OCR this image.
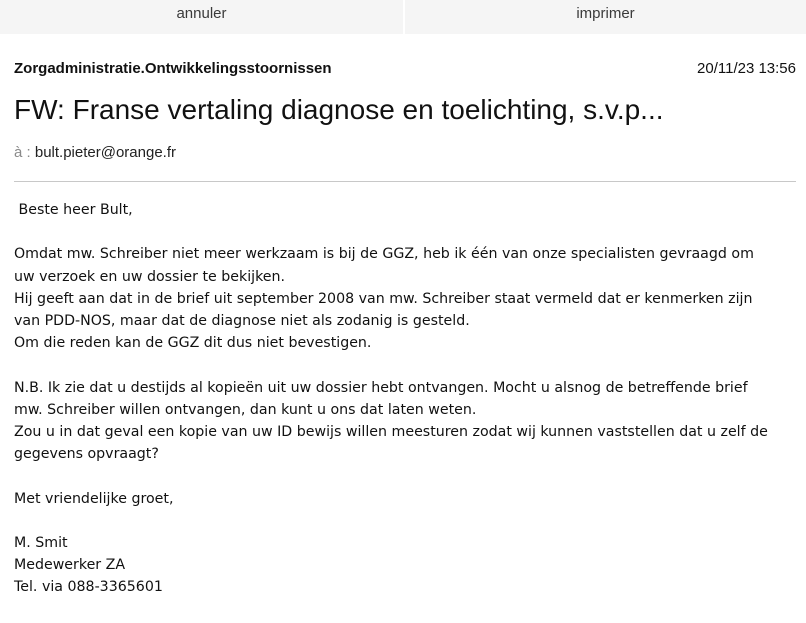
annuler	imprimer
Zorgadministratie.Ontwikkelingsstoornissen	20/11/23 13:56
FW: Franse vertaling diagnose en toelichting, s.v.p...
à : bult.pieter@orange.fr

Beste heer Bult,

Omdat mw. Schreiber niet meer werkzaam is bij de GGZ, heb ik één van onze specialisten gevraagd om

uw verzoek en uw dossier te bekijken.

Hij geeft aan dat in de brief uit september 2008 van mw. Schreiber staat vermeld dat er kenmerken zijn

van PDD-NOS, maar dat de diagnose niet als zodanig is gesteld.

Om die reden kan de GGZ dit dus niet bevestigen.

N.B. Ik zie dat u destijds al kopieën uit uw dossier hebt ontvangen. Mocht u alsnog de betreffende brief

mw. Schreiber willen ontvangen, dan kunt u ons dat laten weten.

Zou u in dat geval een kopie van uw ID bewijs willen meesturen zodat wij kunnen vaststellen dat u zelf de

gegevens opvraagt?

Met vriendelijke groet,

M. Smit

Medewerker ZA

Tel. via 088-3365601
